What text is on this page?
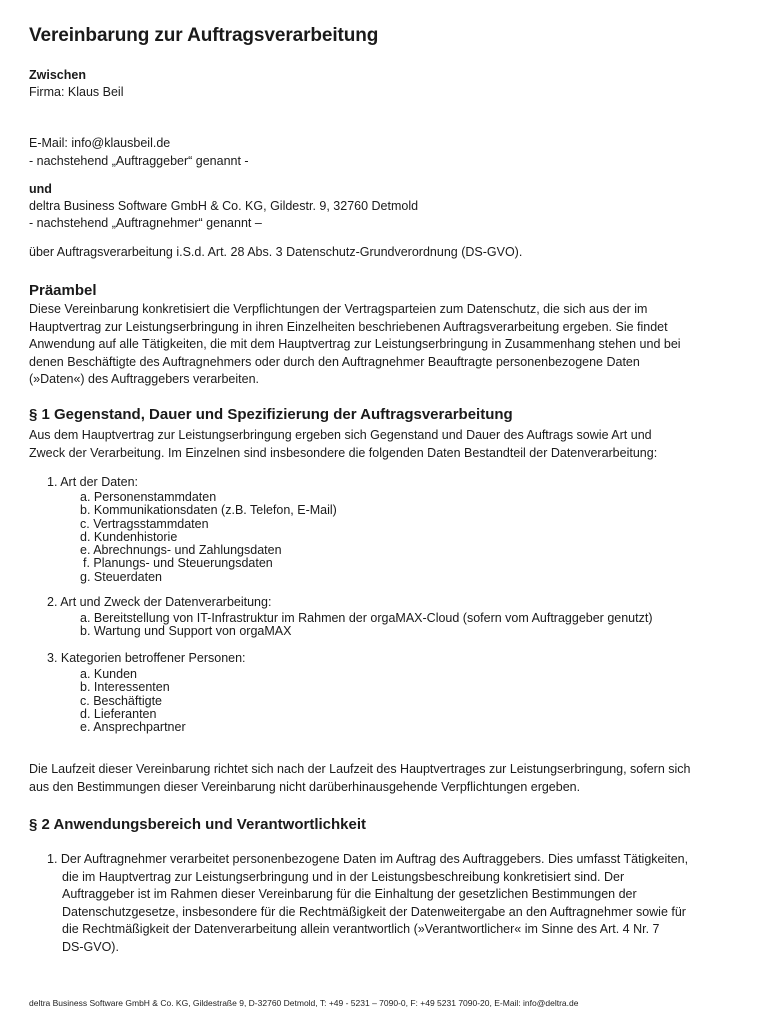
Vereinbarung zur Auftragsverarbeitung
Zwischen
Firma: Klaus Beil
E-Mail: info@klausbeil.de
- nachstehend „Auftraggeber“ genannt -
und
deltra Business Software GmbH & Co. KG, Gildestr. 9, 32760 Detmold
- nachstehend „Auftragnehmer“ genannt –
über Auftragsverarbeitung i.S.d. Art. 28 Abs. 3 Datenschutz-Grundverordnung (DS-GVO).
Präambel
Diese Vereinbarung konkretisiert die Verpflichtungen der Vertragsparteien zum Datenschutz, die sich aus der im
Hauptvertrag zur Leistungserbringung in ihren Einzelheiten beschriebenen Auftragsverarbeitung ergeben. Sie findet
Anwendung auf alle Tätigkeiten, die mit dem Hauptvertrag zur Leistungserbringung in Zusammenhang stehen und bei
denen Beschäftigte des Auftragnehmers oder durch den Auftragnehmer Beauftragte personenbezogene Daten
(»Daten«) des Auftraggebers verarbeiten.
§ 1 Gegenstand, Dauer und Spezifizierung der Auftragsverarbeitung
Aus dem Hauptvertrag zur Leistungserbringung ergeben sich Gegenstand und Dauer des Auftrags sowie Art und
Zweck der Verarbeitung. Im Einzelnen sind insbesondere die folgenden Daten Bestandteil der Datenverarbeitung:
1. Art der Daten:
a. Personenstammdaten
b. Kommunikationsdaten (z.B. Telefon, E-Mail)
c. Vertragsstammdaten
d. Kundenhistorie
e. Abrechnungs- und Zahlungsdaten
f. Planungs- und Steuerungsdaten
g. Steuerdaten
2. Art und Zweck der Datenverarbeitung:
a. Bereitstellung von IT-Infrastruktur im Rahmen der orgaMAX-Cloud (sofern vom Auftraggeber genutzt)
b. Wartung und Support von orgaMAX
3. Kategorien betroffener Personen:
a. Kunden
b. Interessenten
c. Beschäftigte
d. Lieferanten
e. Ansprechpartner
Die Laufzeit dieser Vereinbarung richtet sich nach der Laufzeit des Hauptvertrages zur Leistungserbringung, sofern sich
aus den Bestimmungen dieser Vereinbarung nicht darüberhinausgehende Verpflichtungen ergeben.
§ 2 Anwendungsbereich und Verantwortlichkeit
1. Der Auftragnehmer verarbeitet personenbezogene Daten im Auftrag des Auftraggebers. Dies umfasst Tätigkeiten,
die im Hauptvertrag zur Leistungserbringung und in der Leistungsbeschreibung konkretisiert sind. Der
Auftraggeber ist im Rahmen dieser Vereinbarung für die Einhaltung der gesetzlichen Bestimmungen der
Datenschutzgesetze, insbesondere für die Rechtmäßigkeit der Datenweitergabe an den Auftragnehmer sowie für
die Rechtmäßigkeit der Datenverarbeitung allein verantwortlich (»Verantwortlicher« im Sinne des Art. 4 Nr. 7
DS-GVO).
deltra Business Software GmbH & Co. KG, Gildestraße 9, D-32760 Detmold, T: +49 - 5231 – 7090-0, F: +49 5231 7090-20, E-Mail: info@deltra.de
